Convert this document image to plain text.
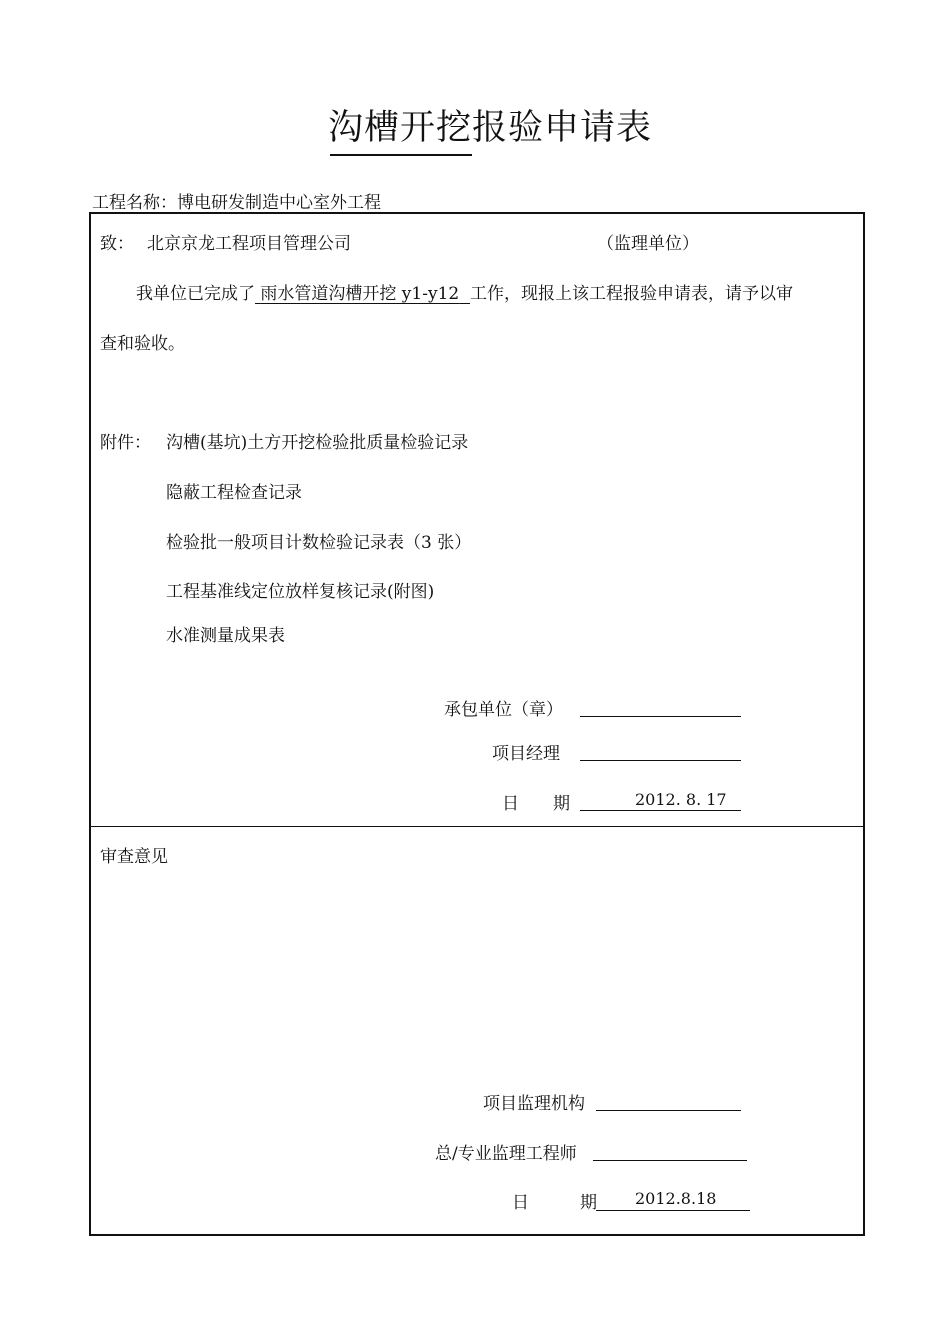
沟槽开挖报验申请表
工程名称：博电研发制造中心室外工程
致： 北京京龙工程项目管理公司	（监理单位）
我单位已完成了 雨水管道沟槽开挖 y1-y12 工作，现报上该工程报验申请表，请予以审
查和验收。
附件： 沟槽(基坑)土方开挖检验批质量检验记录
隐蔽工程检查记录
检验批一般项目计数检验记录表（3 张）
工程基准线定位放样复核记录(附图)
水准测量成果表
承包单位（章）
项目经理
日　　期	2012. 8. 17
审查意见
项目监理机构
总/专业监理工程师
日　　　期 2012.8.18
